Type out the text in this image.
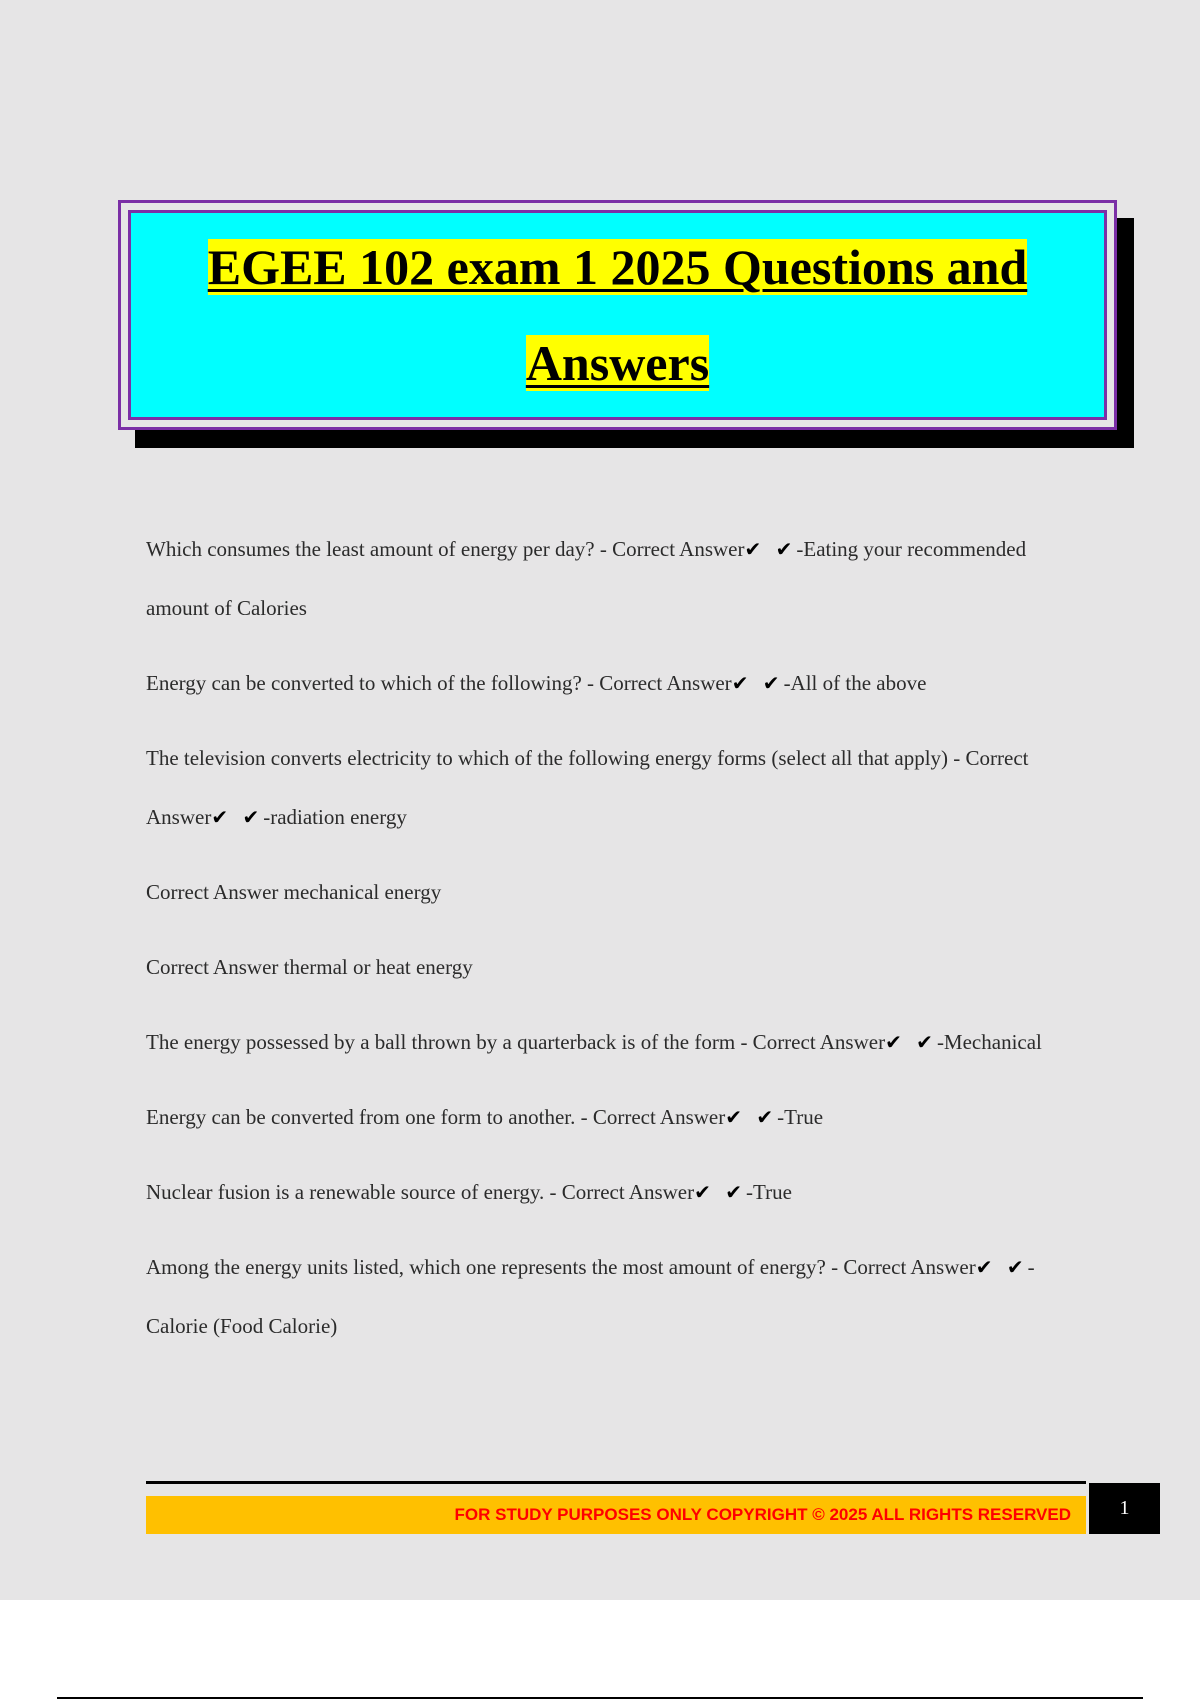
EGEE 102 exam 1 2025 Questions and Answers

Which consumes the least amount of energy per day? - Correct Answer✔ ✔-Eating your recommended amount of Calories

Energy can be converted to which of the following? - Correct Answer✔ ✔-All of the above

The television converts electricity to which of the following energy forms (select all that apply) - Correct Answer✔ ✔-radiation energy

Correct Answer mechanical energy

Correct Answer thermal or heat energy

The energy possessed by a ball thrown by a quarterback is of the form - Correct Answer✔ ✔-Mechanical

Energy can be converted from one form to another. - Correct Answer✔ ✔-True

Nuclear fusion is a renewable source of energy. - Correct Answer✔ ✔-True

Among the energy units listed, which one represents the most amount of energy? - Correct Answer✔ ✔-Calorie (Food Calorie)

FOR STUDY PURPOSES ONLY COPYRIGHT © 2025 ALL RIGHTS RESERVED 1
